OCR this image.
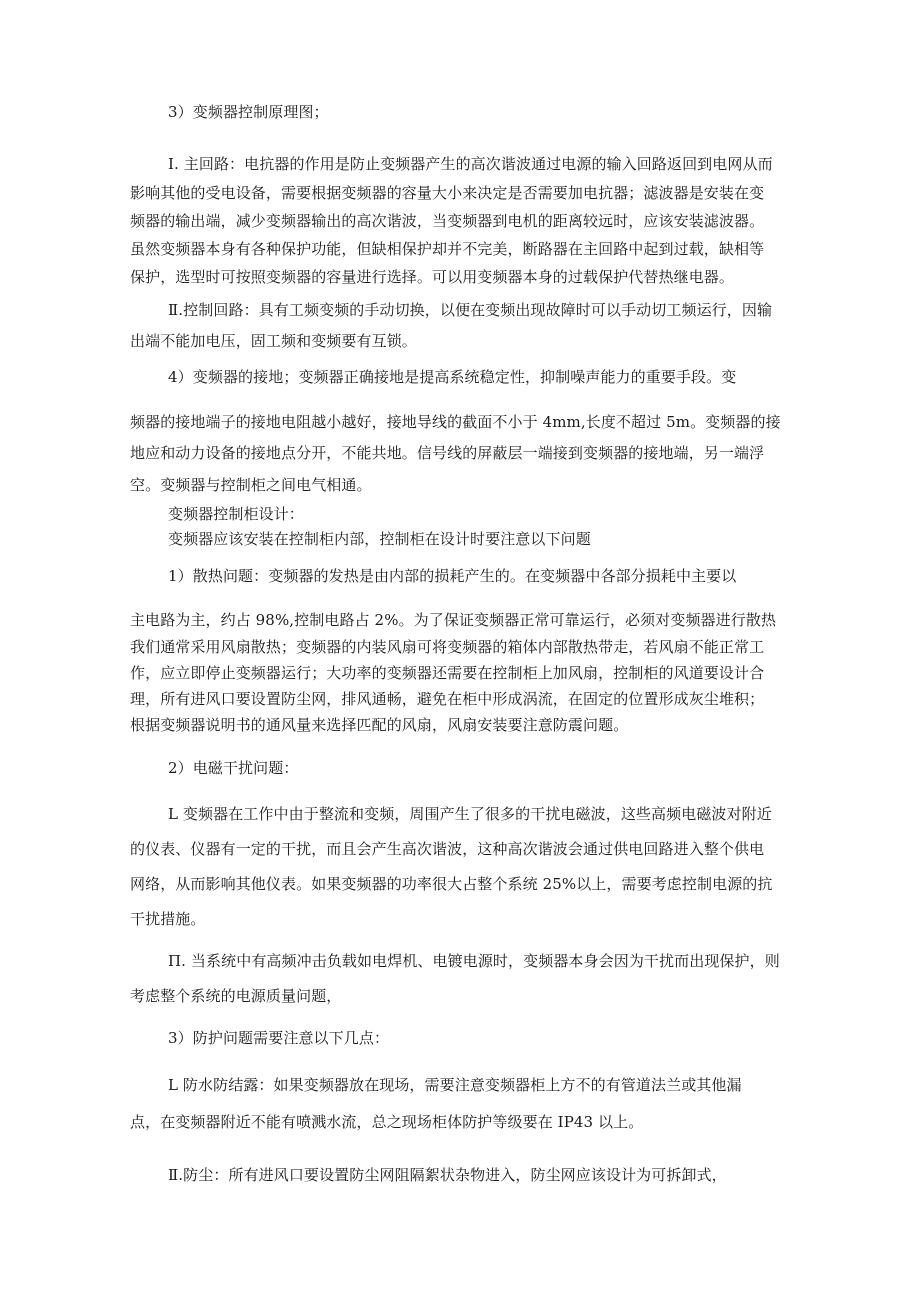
3）变频器控制原理图；
Ⅰ. 主回路：电抗器的作用是防止变频器产生的高次谐波通过电源的输入回路返回到电网从而
影响其他的受电设备，需要根据变频器的容量大小来决定是否需要加电抗器；滤波器是安装在变
频器的输出端，减少变频器输出的高次谐波，当变频器到电机的距离较远时，应该安装滤波器。
虽然变频器本身有各种保护功能，但缺相保护却并不完美，断路器在主回路中起到过载，缺相等
保护，选型时可按照变频器的容量进行选择。可以用变频器本身的过载保护代替热继电器。
Ⅱ.控制回路：具有工频变频的手动切换，以便在变频出现故障时可以手动切工频运行，因输
出端不能加电压，固工频和变频要有互锁。
4）变频器的接地；变频器正确接地是提高系统稳定性，抑制噪声能力的重要手段。变
频器的接地端子的接地电阻越小越好，接地导线的截面不小于 4mm,长度不超过 5m。变频器的接
地应和动力设备的接地点分开，不能共地。信号线的屏蔽层一端接到变频器的接地端，另一端浮
空。变频器与控制柜之间电气相通。
变频器控制柜设计：
变频器应该安装在控制柜内部，控制柜在设计时要注意以下问题
1）散热问题：变频器的发热是由内部的损耗产生的。在变频器中各部分损耗中主要以
主电路为主，约占 98%,控制电路占 2%。为了保证变频器正常可靠运行，必须对变频器进行散热
我们通常采用风扇散热；变频器的内装风扇可将变频器的箱体内部散热带走，若风扇不能正常工
作，应立即停止变频器运行；大功率的变频器还需要在控制柜上加风扇，控制柜的风道要设计合
理，所有进风口要设置防尘网，排风通畅，避免在柜中形成涡流，在固定的位置形成灰尘堆积；
根据变频器说明书的通风量来选择匹配的风扇，风扇安装要注意防震问题。
2）电磁干扰问题：
L 变频器在工作中由于整流和变频，周围产生了很多的干扰电磁波，这些高频电磁波对附近
的仪表、仪器有一定的干扰，而且会产生高次谐波，这种高次谐波会通过供电回路进入整个供电
网络，从而影响其他仪表。如果变频器的功率很大占整个系统 25%以上，需要考虑控制电源的抗
干扰措施。
Π. 当系统中有高频冲击负载如电焊机、电镀电源时，变频器本身会因为干扰而出现保护，则
考虑整个系统的电源质量问题，
3）防护问题需要注意以下几点：
L 防水防结露：如果变频器放在现场，需要注意变频器柜上方不的有管道法兰或其他漏
点，在变频器附近不能有喷溅水流，总之现场柜体防护等级要在 IP43 以上。
Ⅱ.防尘：所有进风口要设置防尘网阻隔絮状杂物进入，防尘网应该设计为可拆卸式，
